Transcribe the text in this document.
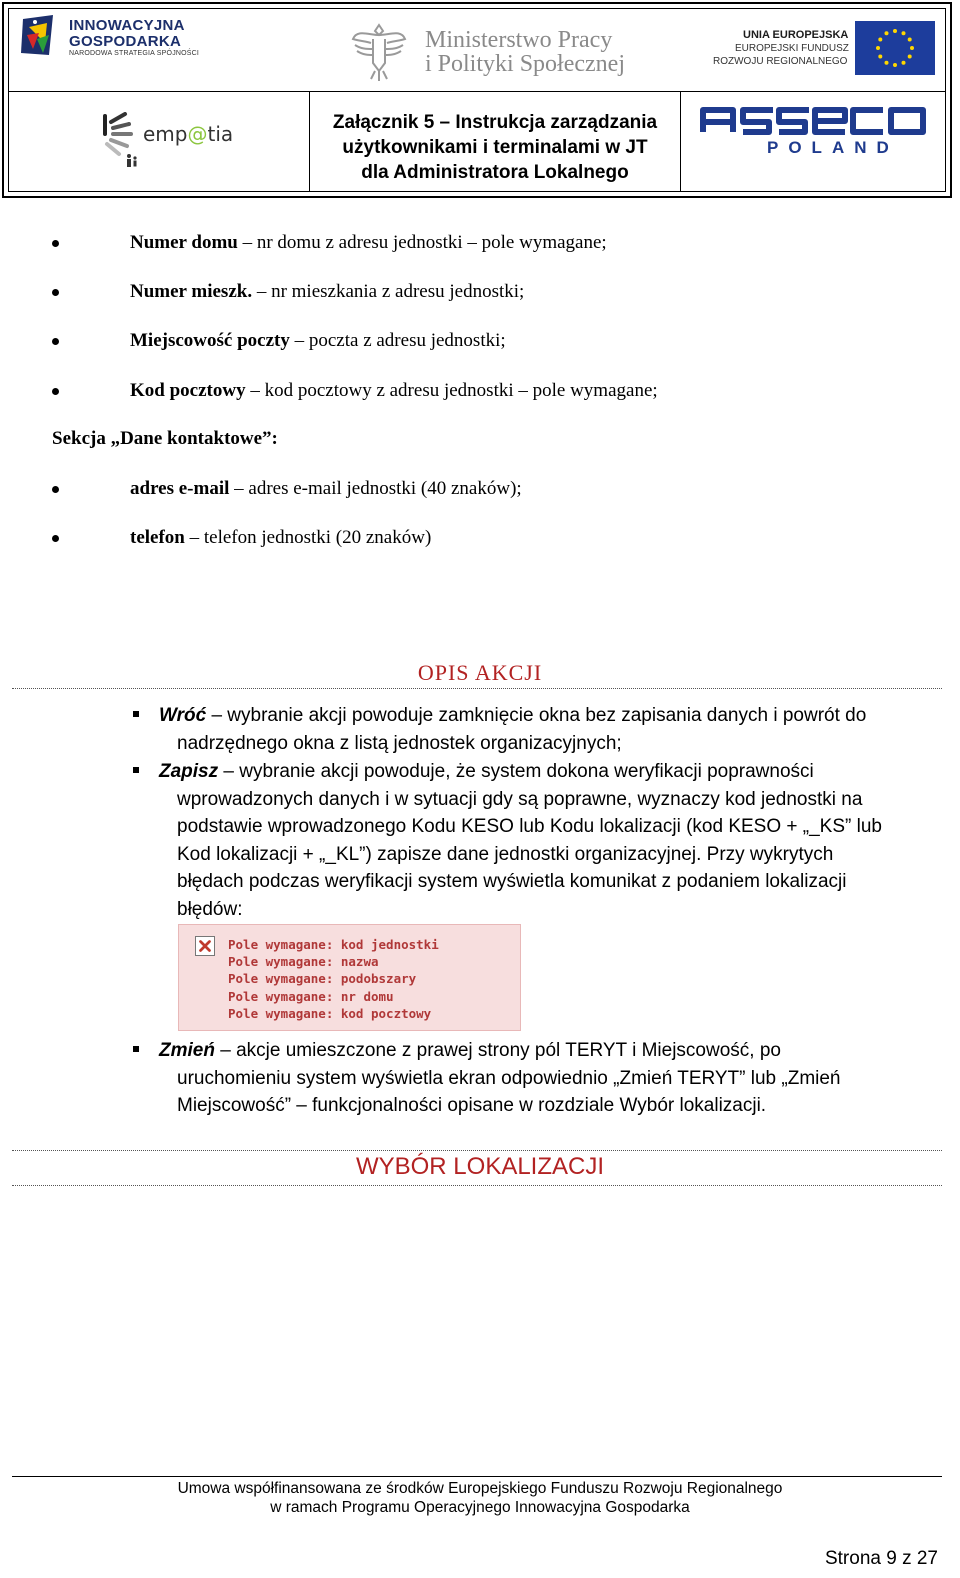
INNOWACYJNA
GOSPODARKA
NARODOWA STRATEGIA SPÓJNOŚCI
Ministerstwo Pracy
i Polityki Społecznej
UNIA EUROPEJSKA
EUROPEJSKI FUNDUSZ
ROZWOJU REGIONALNEGO
emp@tia	Załącznik 5 – Instrukcja zarządzania
użytkownikami i terminalami w JT
dla Administratora Lokalnego
POLAND
Numer domu – nr domu z adresu jednostki – pole wymagane;
Numer mieszk. – nr mieszkania z adresu jednostki;
Miejscowość poczty – poczta z adresu jednostki;
Kod pocztowy – kod pocztowy z adresu jednostki – pole wymagane;
Sekcja „Dane kontaktowe”:
adres e-mail – adres e-mail jednostki (40 znaków);
telefon – telefon jednostki (20 znaków)
OPIS AKCJI
Wróć – wybranie akcji powoduje zamknięcie okna bez zapisania danych i powrót do
nadrzędnego okna z listą jednostek organizacyjnych;
Zapisz – wybranie akcji powoduje, że system dokona weryfikacji poprawności
wprowadzonych danych i w sytuacji gdy są poprawne, wyznaczy kod jednostki na
podstawie wprowadzonego Kodu KESO lub Kodu lokalizacji (kod KESO + „_KS” lub
Kod lokalizacji + „_KL”) zapisze dane jednostki organizacyjnej. Przy wykrytych
błędach podczas weryfikacji system wyświetla komunikat z podaniem lokalizacji
błędów:
Pole wymagane: kod jednostki
Pole wymagane: nazwa
Pole wymagane: podobszary
Pole wymagane: nr domu
Pole wymagane: kod pocztowy
Zmień – akcje umieszczone z prawej strony pól TERYT i Miejscowość, po
uruchomieniu system wyświetla ekran odpowiednio „Zmień TERYT” lub „Zmień
Miejscowość” – funkcjonalności opisane w rozdziale Wybór lokalizacji.
WYBÓR LOKALIZACJI
Umowa współfinansowana ze środków Europejskiego Funduszu Rozwoju Regionalnego
w ramach Programu Operacyjnego Innowacyjna Gospodarka
Strona 9 z 27
